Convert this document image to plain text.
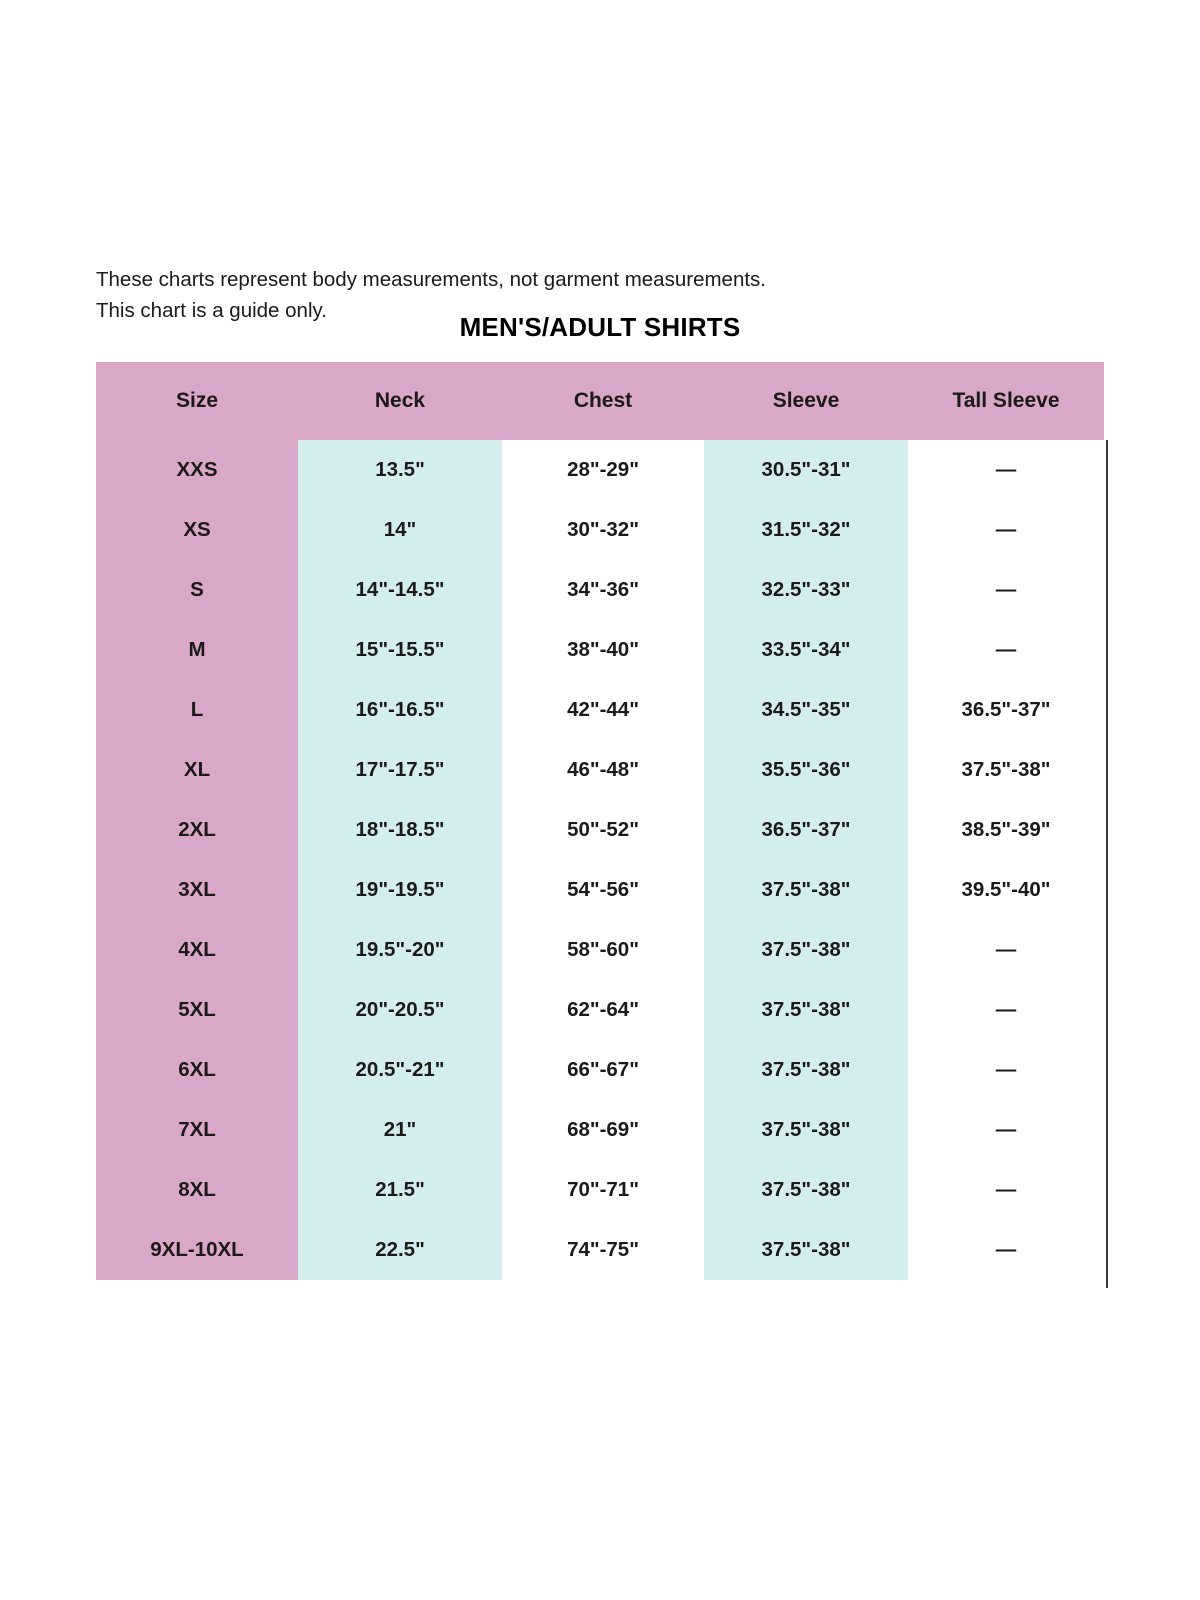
These charts represent body measurements, not garment measurements.
This chart is a guide only.
MEN'S/ADULT SHIRTS
Size	Neck	Chest	Sleeve	Tall Sleeve
XXS	13.5"	28"-29"	30.5"-31"	—
XS	14"	30"-32"	31.5"-32"	—
S	14"-14.5"	34"-36"	32.5"-33"	—
M	15"-15.5"	38"-40"	33.5"-34"	—
L	16"-16.5"	42"-44"	34.5"-35"	36.5"-37"
XL	17"-17.5"	46"-48"	35.5"-36"	37.5"-38"
2XL	18"-18.5"	50"-52"	36.5"-37"	38.5"-39"
3XL	19"-19.5"	54"-56"	37.5"-38"	39.5"-40"
4XL	19.5"-20"	58"-60"	37.5"-38"	—
5XL	20"-20.5"	62"-64"	37.5"-38"	—
6XL	20.5"-21"	66"-67"	37.5"-38"	—
7XL	21"	68"-69"	37.5"-38"	—
8XL	21.5"	70"-71"	37.5"-38"	—
9XL-10XL	22.5"	74"-75"	37.5"-38"	—
